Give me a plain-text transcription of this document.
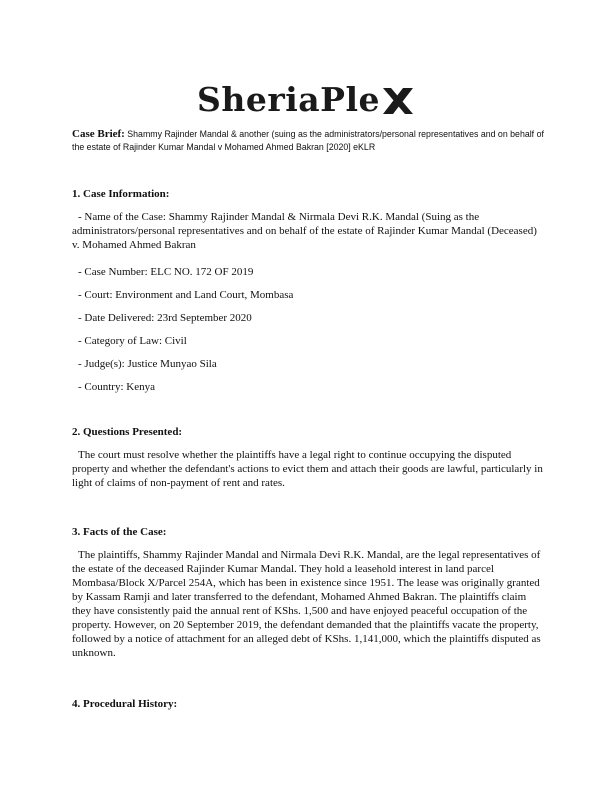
SheriaPle
Case Brief: Shammy Rajinder Mandal & another (suing as the administrators/personal representatives and on behalf of the estate of Rajinder Kumar Mandal v Mohamed Ahmed Bakran [2020] eKLR
1. Case Information:
- Name of the Case: Shammy Rajinder Mandal & Nirmala Devi R.K. Mandal (Suing as the administrators/personal representatives and on behalf of the estate of Rajinder Kumar Mandal (Deceased) v. Mohamed Ahmed Bakran
- Case Number: ELC NO. 172 OF 2019
- Court: Environment and Land Court, Mombasa
- Date Delivered: 23rd September 2020
- Category of Law: Civil
- Judge(s): Justice Munyao Sila
- Country: Kenya
2. Questions Presented:
The court must resolve whether the plaintiffs have a legal right to continue occupying the disputed property and whether the defendant's actions to evict them and attach their goods are lawful, particularly in light of claims of non-payment of rent and rates.
3. Facts of the Case:
The plaintiffs, Shammy Rajinder Mandal and Nirmala Devi R.K. Mandal, are the legal representatives of the estate of the deceased Rajinder Kumar Mandal. They hold a leasehold interest in land parcel Mombasa/Block X/Parcel 254A, which has been in existence since 1951. The lease was originally granted by Kassam Ramji and later transferred to the defendant, Mohamed Ahmed Bakran. The plaintiffs claim they have consistently paid the annual rent of KShs. 1,500 and have enjoyed peaceful occupation of the property. However, on 20 September 2019, the defendant demanded that the plaintiffs vacate the property, followed by a notice of attachment for an alleged debt of KShs. 1,141,000, which the plaintiffs disputed as unknown.
4. Procedural History:
